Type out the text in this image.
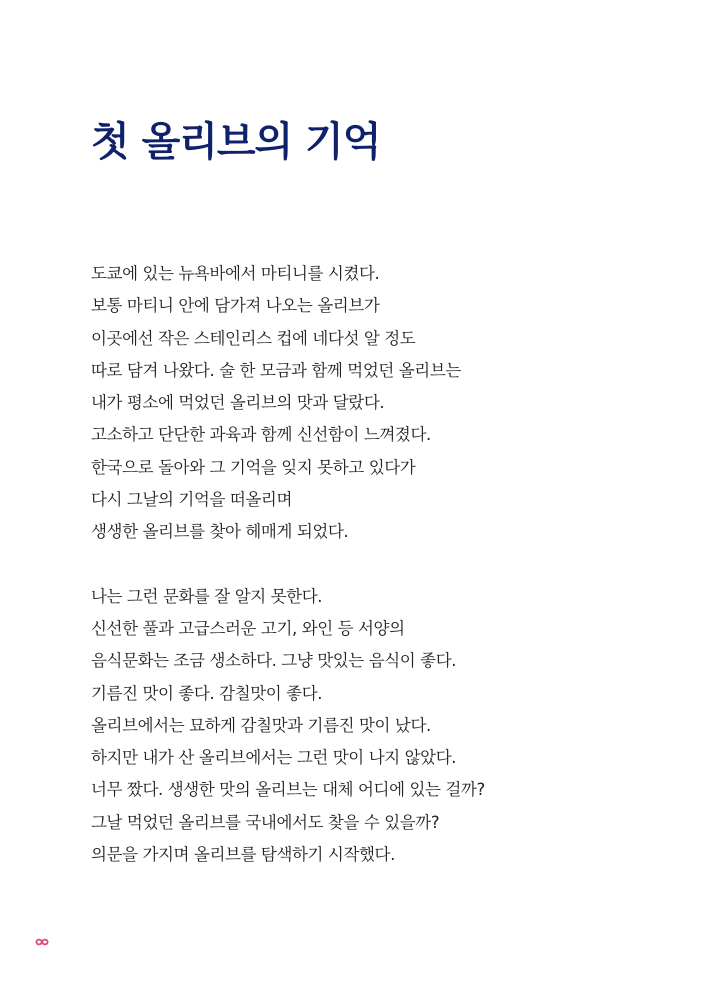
첫 올리브의 기억

도쿄에 있는 뉴욕바에서 마티니를 시켰다.
보통 마티니 안에 담가져 나오는 올리브가
이곳에선 작은 스테인리스 컵에 네다섯 알 정도
따로 담겨 나왔다. 술 한 모금과 함께 먹었던 올리브는
내가 평소에 먹었던 올리브의 맛과 달랐다.
고소하고 단단한 과육과 함께 신선함이 느껴졌다.
한국으로 돌아와 그 기억을 잊지 못하고 있다가
다시 그날의 기억을 떠올리며
생생한 올리브를 찾아 헤매게 되었다.

나는 그런 문화를 잘 알지 못한다.
신선한 풀과 고급스러운 고기, 와인 등 서양의
음식문화는 조금 생소하다. 그냥 맛있는 음식이 좋다.
기름진 맛이 좋다. 감칠맛이 좋다.
올리브에서는 묘하게 감칠맛과 기름진 맛이 났다.
하지만 내가 산 올리브에서는 그런 맛이 나지 않았다.
너무 짰다. 생생한 맛의 올리브는 대체 어디에 있는 걸까?
그날 먹었던 올리브를 국내에서도 찾을 수 있을까?
의문을 가지며 올리브를 탐색하기 시작했다.
